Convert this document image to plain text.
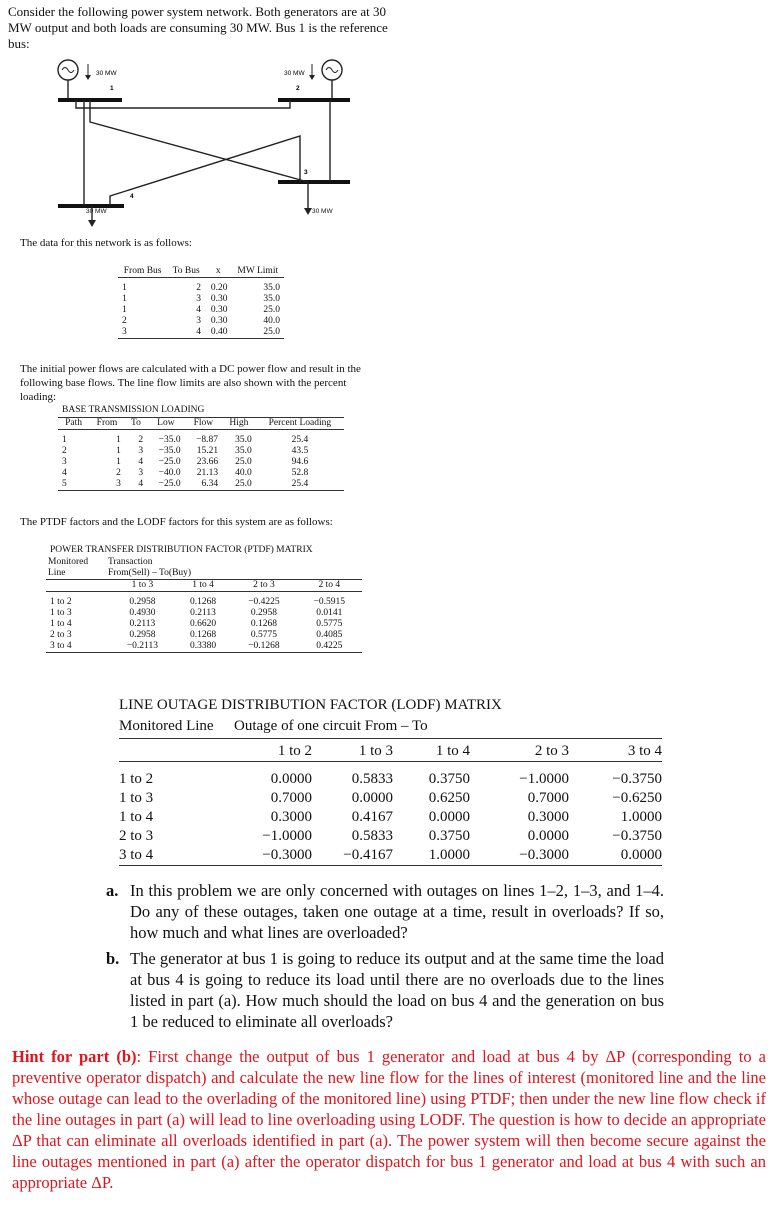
Consider the following power system network. Both generators are at 30 MW output and both loads are consuming 30 MW. Bus 1 is the reference bus:
30 MW
1
30 MW
2
4
3
30 MW	30 MW
The data for this network is as follows:
From Bus	To Bus	x	MW Limit

1	2	0.20	35.0
1	3	0.30	35.0
1	4	0.30	25.0
2	3	0.30	40.0
3	4	0.40	25.0
The initial power flows are calculated with a DC power flow and result in the following base flows. The line flow limits are also shown with the percent loading:
BASE TRANSMISSION LOADING
Path	From	To	Low	Flow	High	Percent Loading

1	1	2	−35.0	−8.87	35.0	25.4
2	1	3	−35.0	15.21	35.0	43.5
3	1	4	−25.0	23.66	25.0	94.6
4	2	3	−40.0	21.13	40.0	52.8
5	3	4	−25.0	6.34	25.0	25.4
The PTDF factors and the LODF factors for this system are as follows:
POWER TRANSFER DISTRIBUTION FACTOR (PTDF) MATRIX
Monitored Transaction
Line	From(Sell) – To(Buy)
	1 to 3	1 to 4	2 to 3	2 to 4

1 to 2	0.2958	0.1268	−0.4225	−0.5915
1 to 3	0.4930	0.2113	0.2958	0.0141
1 to 4	0.2113	0.6620	0.1268	0.5775
2 to 3	0.2958	0.1268	0.5775	0.4085
3 to 4	−0.2113	0.3380	−0.1268	0.4225
LINE OUTAGE DISTRIBUTION FACTOR (LODF) MATRIX
Monitored Line Outage of one circuit From – To
	1 to 2	1 to 3	1 to 4	2 to 3	3 to 4

1 to 2	0.0000	0.5833	0.3750	−1.0000	−0.3750
1 to 3	0.7000	0.0000	0.6250	0.7000	−0.6250
1 to 4	0.3000	0.4167	0.0000	0.3000	1.0000
2 to 3	−1.0000	0.5833	0.3750	0.0000	−0.3750
3 to 4	−0.3000	−0.4167	1.0000	−0.3000	0.0000
a. In this problem we are only concerned with outages on lines 1–2, 1–3, and 1–4. Do any of these outages, taken one outage at a time, result in overloads? If so, how much and what lines are overloaded?
b. The generator at bus 1 is going to reduce its output and at the same time the load at bus 4 is going to reduce its load until there are no overloads due to the lines listed in part (a). How much should the load on bus 4 and the generation on bus 1 be reduced to eliminate all overloads?
Hint for part (b): First change the output of bus 1 generator and load at bus 4 by ΔP (corresponding to a preventive operator dispatch) and calculate the new line flow for the lines of interest (monitored line and the line whose outage can lead to the overlading of the monitored line) using PTDF; then under the new line flow check if the line outages in part (a) will lead to line overloading using LODF. The question is how to decide an appropriate ΔP that can eliminate all overloads identified in part (a). The power system will then become secure against the line outages mentioned in part (a) after the operator dispatch for bus 1 generator and load at bus 4 with such an appropriate ΔP.
